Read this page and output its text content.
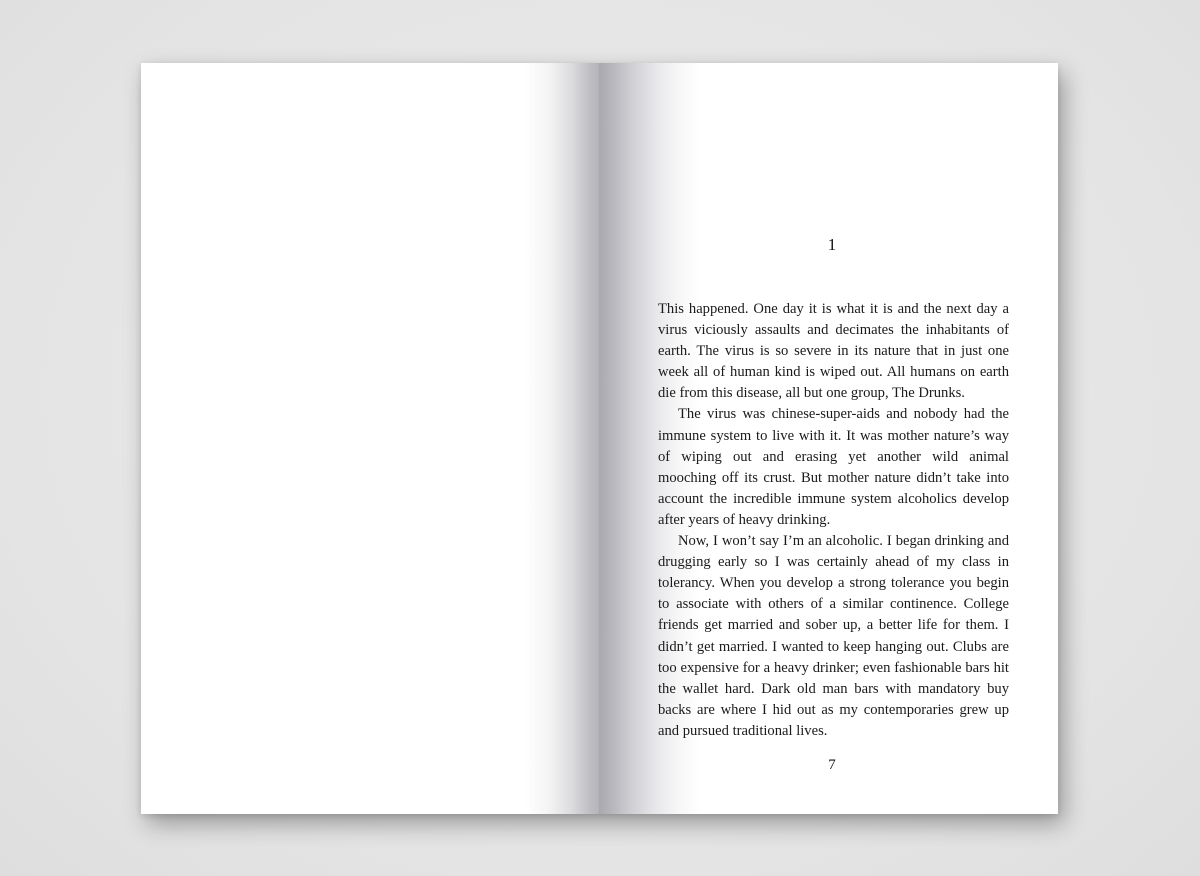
1

This happened. One day it is what it is and the next day a virus viciously assaults and decimates the inhabitants of earth. The virus is so severe in its nature that in just one week all of human kind is wiped out. All humans on earth die from this disease, all but one group, The Drunks.

The virus was chinese-super-aids and nobody had the immune system to live with it. It was mother nature’s way of wiping out and erasing yet another wild animal mooching off its crust. But mother nature didn’t take into account the incredible immune system alcoholics develop after years of heavy drinking.

Now, I won’t say I’m an alcoholic. I began drinking and drugging early so I was certainly ahead of my class in tolerancy. When you develop a strong tolerance you begin to associate with others of a similar continence. College friends get married and sober up, a better life for them. I didn’t get married. I wanted to keep hanging out. Clubs are too expensive for a heavy drinker; even fashionable bars hit the wallet hard. Dark old man bars with mandatory buy backs are where I hid out as my contemporaries grew up and pursued traditional lives.

7
